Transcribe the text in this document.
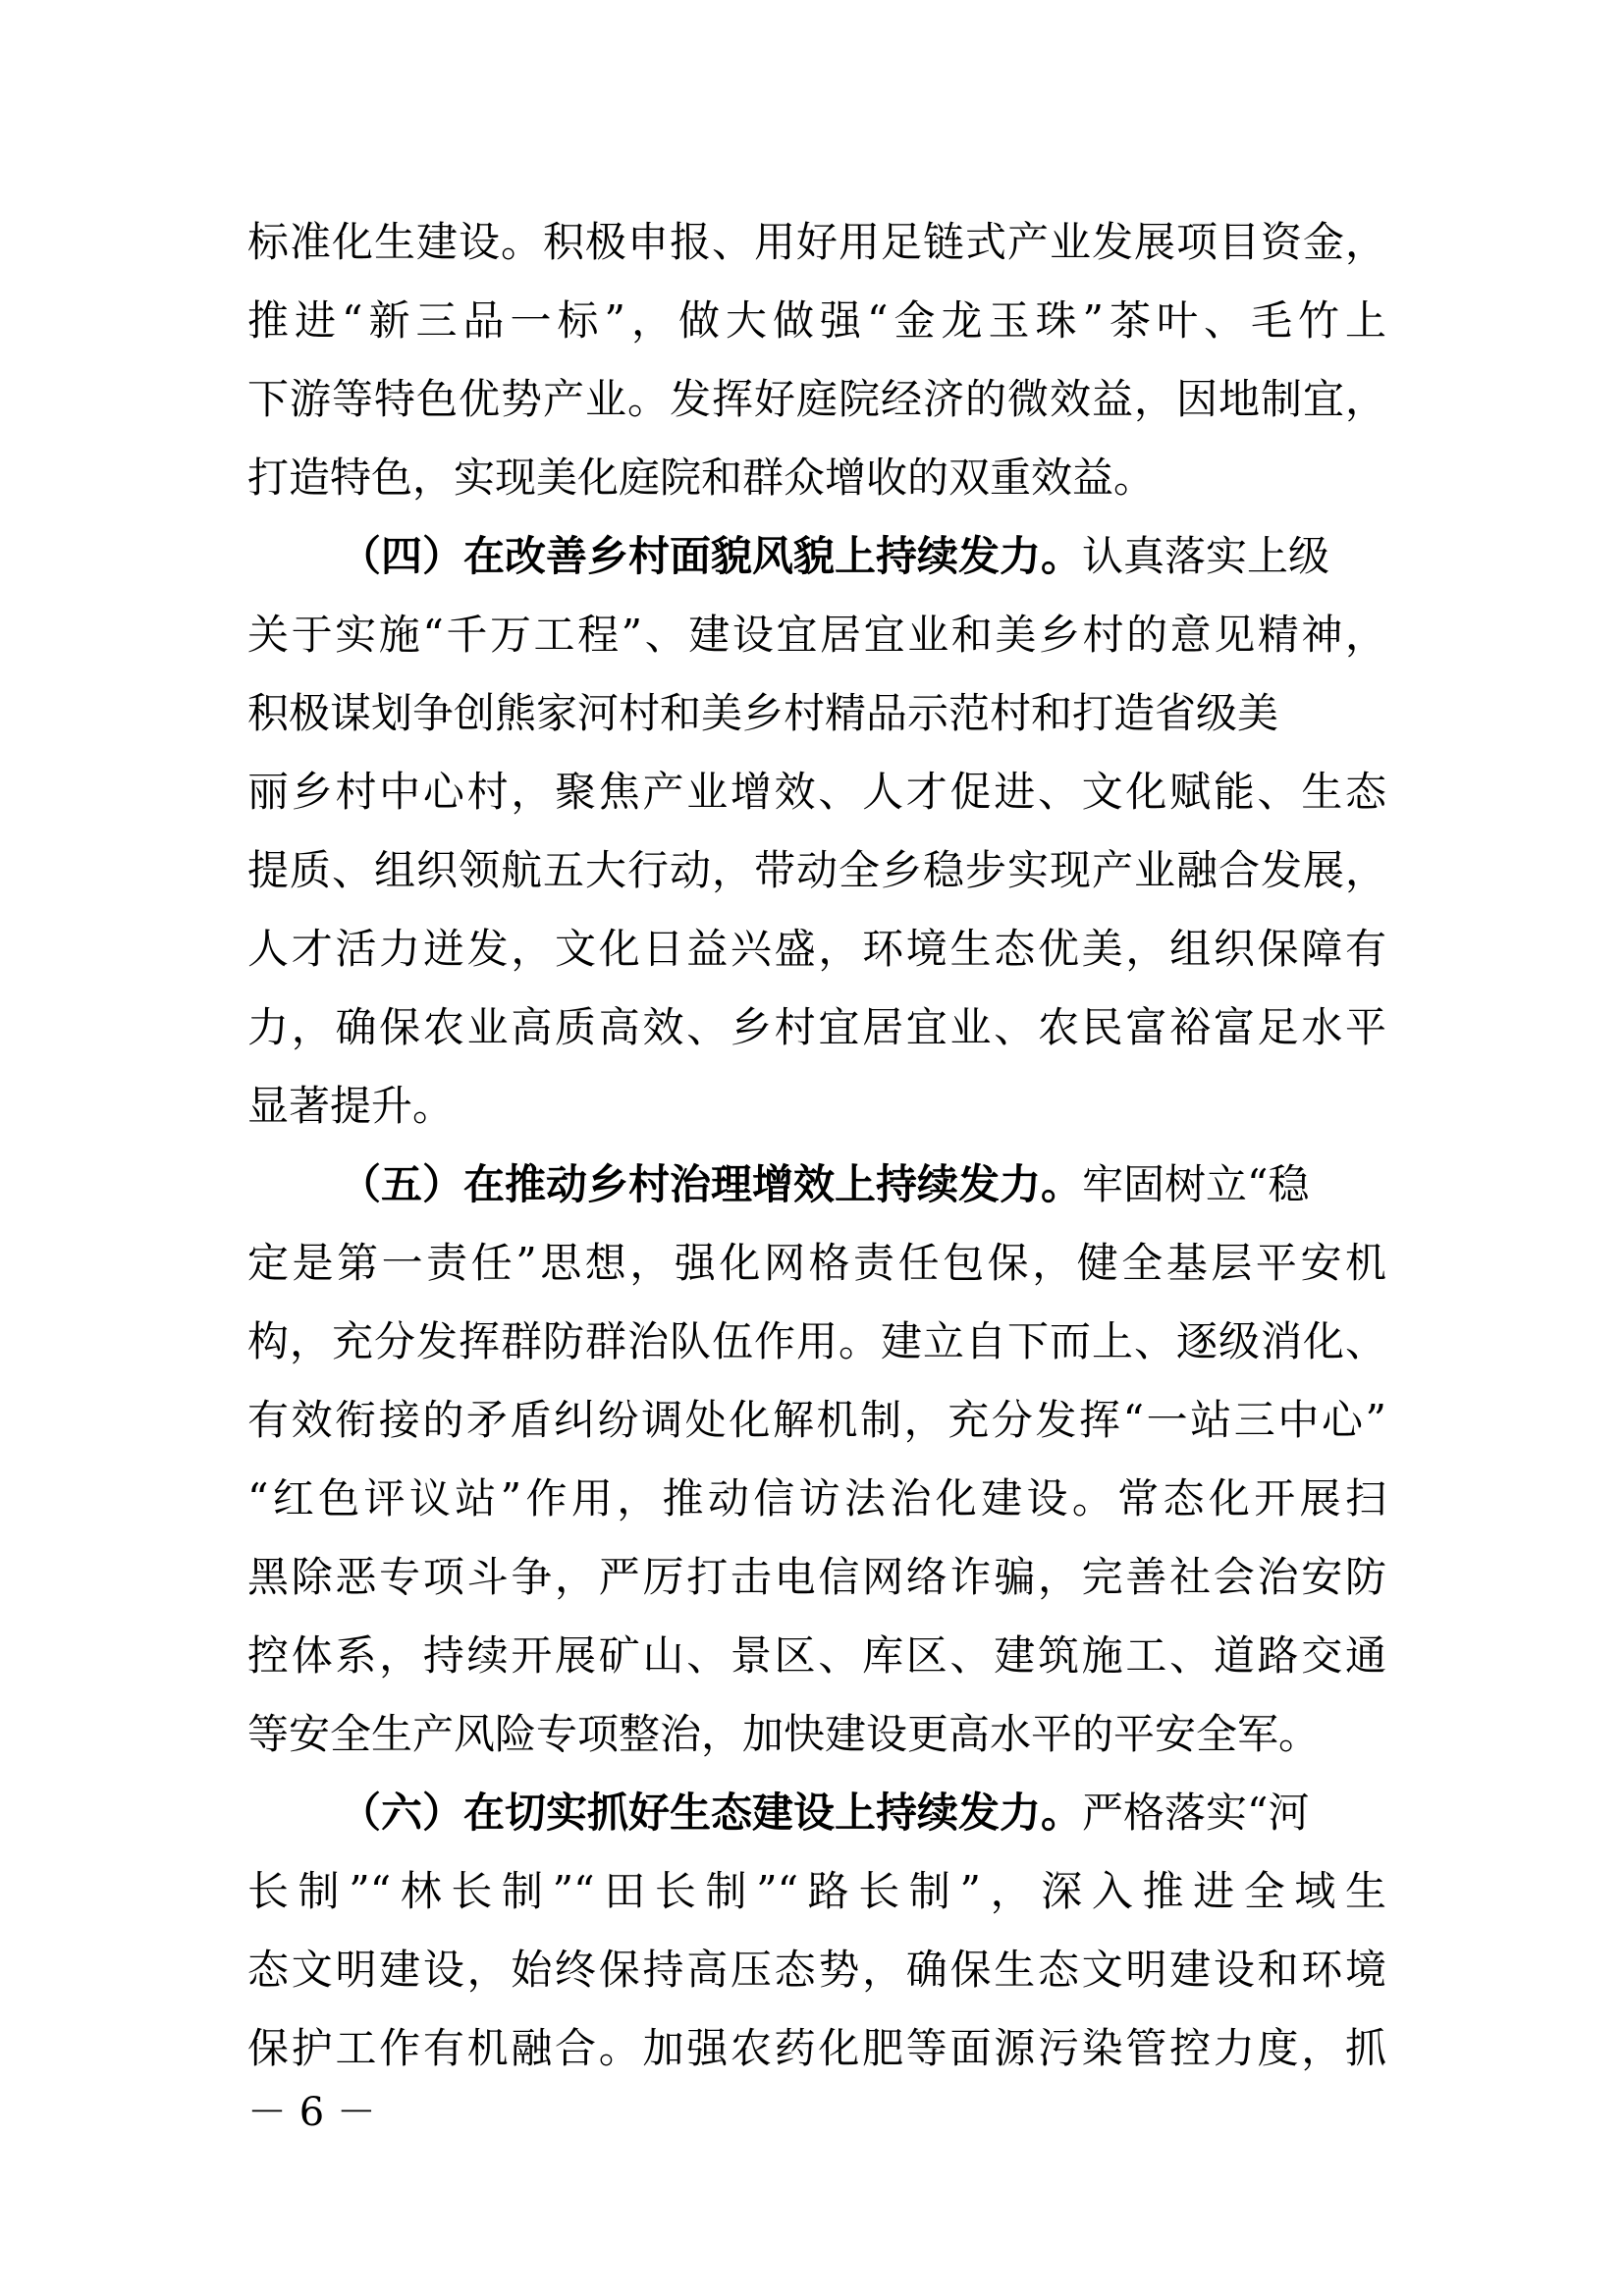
标准化生建设。积极申报、用好用足链式产业发展项目资金，
推进“新三品一标”，做大做强“金龙玉珠”茶叶、毛竹上
下游等特色优势产业。发挥好庭院经济的微效益，因地制宜，
打造特色，实现美化庭院和群众增收的双重效益。
（四）在改善乡村面貌风貌上持续发力。认真落实上级
关于实施“千万工程”、建设宜居宜业和美乡村的意见精神，
积极谋划争创熊家河村和美乡村精品示范村和打造省级美
丽乡村中心村，聚焦产业增效、人才促进、文化赋能、生态
提质、组织领航五大行动，带动全乡稳步实现产业融合发展，
人才活力迸发，文化日益兴盛，环境生态优美，组织保障有
力，确保农业高质高效、乡村宜居宜业、农民富裕富足水平
显著提升。
（五）在推动乡村治理增效上持续发力。牢固树立“稳
定是第一责任”思想，强化网格责任包保，健全基层平安机
构，充分发挥群防群治队伍作用。建立自下而上、逐级消化、
有效衔接的矛盾纠纷调处化解机制，充分发挥“一站三中心”
“红色评议站”作用，推动信访法治化建设。常态化开展扫
黑除恶专项斗争，严厉打击电信网络诈骗，完善社会治安防
控体系，持续开展矿山、景区、库区、建筑施工、道路交通
等安全生产风险专项整治，加快建设更高水平的平安全军。
（六）在切实抓好生态建设上持续发力。严格落实“河
长制”“林长制”“田长制”“路长制”，深入推进全域生
态文明建设，始终保持高压态势，确保生态文明建设和环境
保护工作有机融合。加强农药化肥等面源污染管控力度，抓
－ 6 －
